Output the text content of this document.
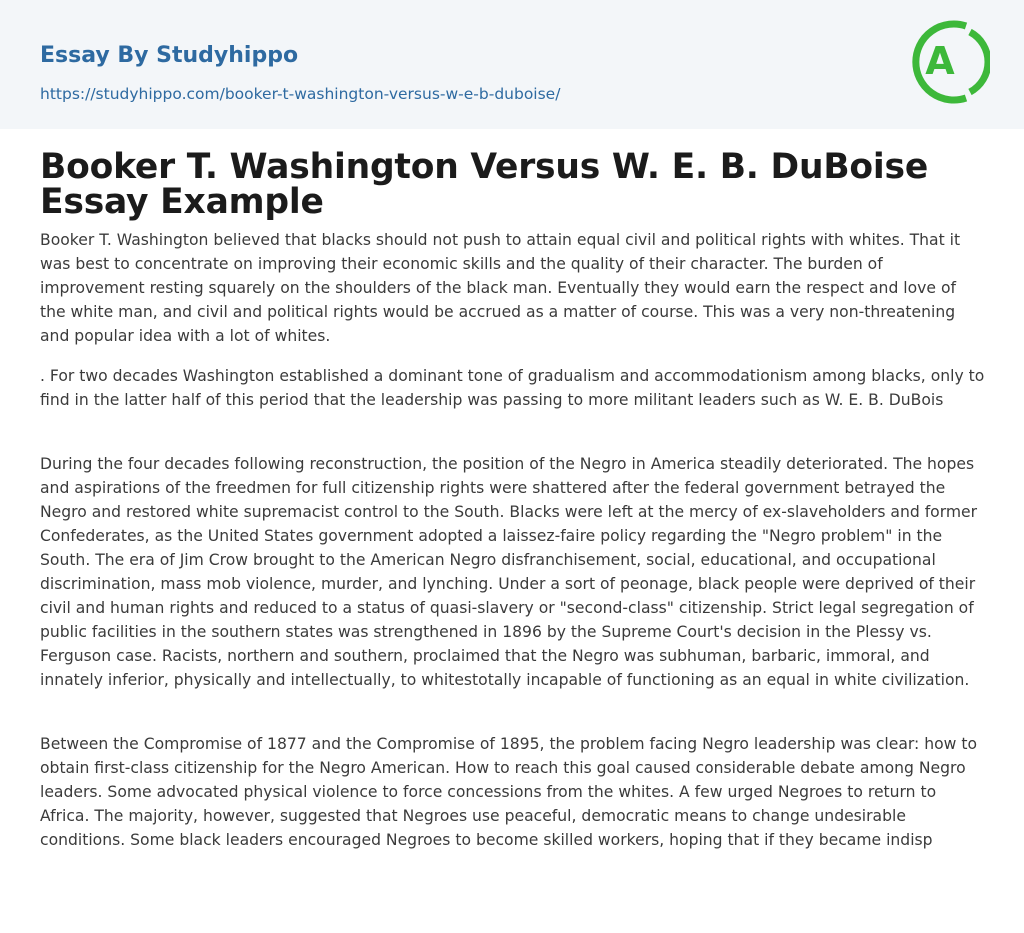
Essay By Studyhippo
https://studyhippo.com/booker-t-washington-versus-w-e-b-duboise/
A
Booker T. Washington Versus W. E. B. DuBoise Essay Example

Booker T. Washington believed that blacks should not push to attain equal civil and political rights with whites. That it was best to concentrate on improving their economic skills and the quality of their character. The burden of improvement resting squarely on the shoulders of the black man. Eventually they would earn the respect and love of the white man, and civil and political rights would be accrued as a matter of course. This was a very non-threatening and popular idea with a lot of whites.

. For two decades Washington established a dominant tone of gradualism and accommodationism among blacks, only to find in the latter half of this period that the leadership was passing to more militant leaders such as W. E. B. DuBois

During the four decades following reconstruction, the position of the Negro in America steadily deteriorated. The hopes and aspirations of the freedmen for full citizenship rights were shattered after the federal government betrayed the Negro and restored white supremacist control to the South. Blacks were left at the mercy of ex-slaveholders and former Confederates, as the United States government adopted a laissez-faire policy regarding the "Negro problem" in the South. The era of Jim Crow brought to the American Negro disfranchisement, social, educational, and occupational discrimination, mass mob violence, murder, and lynching. Under a sort of peonage, black people were deprived of their civil and human rights and reduced to a status of quasi-slavery or "second-class" citizenship. Strict legal segregation of public facilities in the southern states was strengthened in 1896 by the Supreme Court's decision in the Plessy vs. Ferguson case. Racists, northern and southern, proclaimed that the Negro was subhuman, barbaric, immoral, and innately inferior, physically and intellectually, to whitestotally incapable of functioning as an equal in white civilization.

Between the Compromise of 1877 and the Compromise of 1895, the problem facing Negro leadership was clear: how to obtain first-class citizenship for the Negro American. How to reach this goal caused considerable debate among Negro leaders. Some advocated physical violence to force concessions from the whites. A few urged Negroes to return to Africa. The majority, however, suggested that Negroes use peaceful, democratic means to change undesirable conditions. Some black leaders encouraged Negroes to become skilled workers, hoping that if they became indisp
